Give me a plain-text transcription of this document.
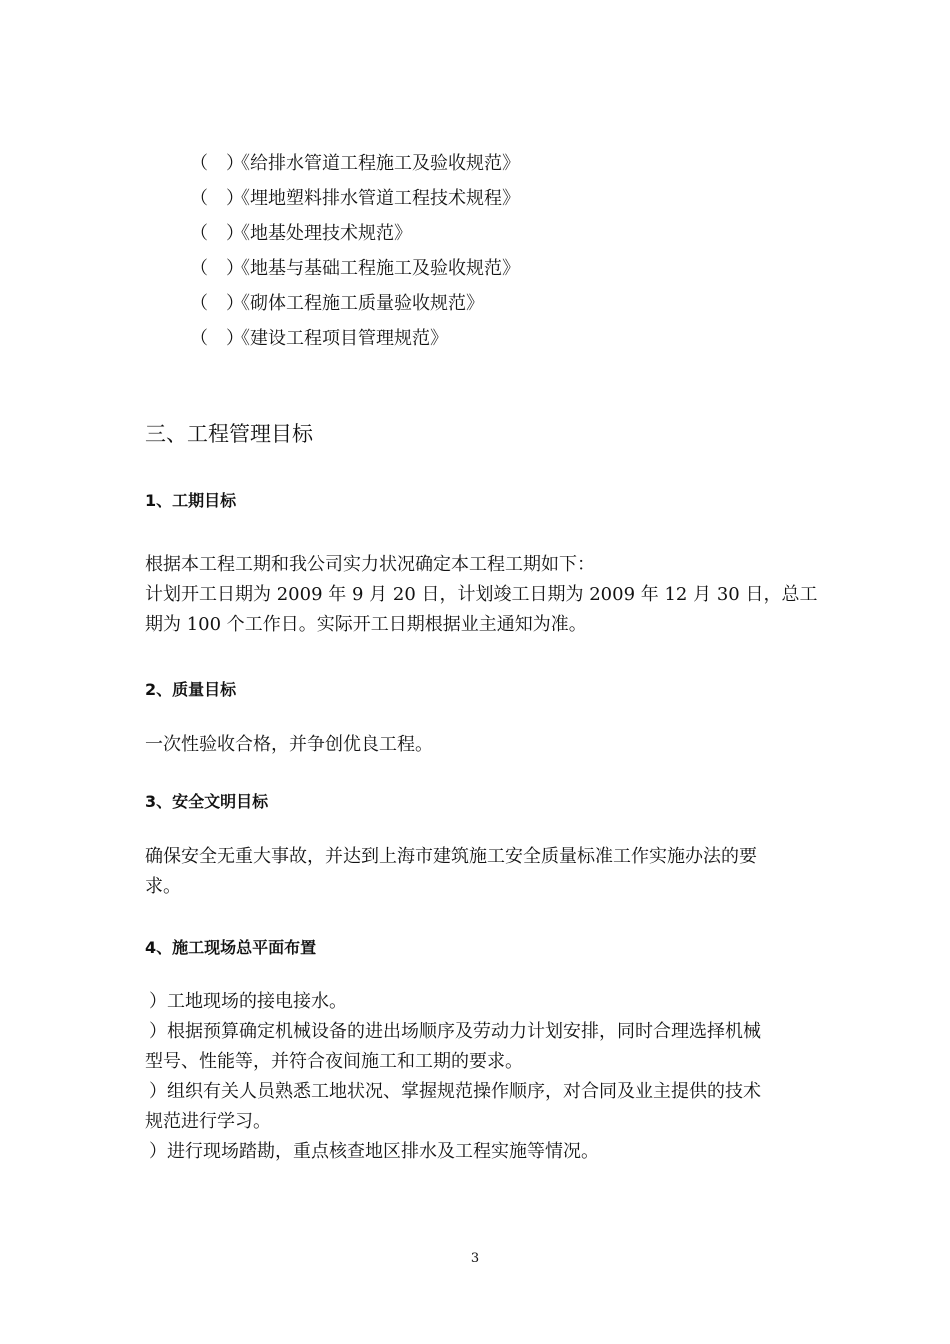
（　）《给排水管道工程施工及验收规范》
（　）《埋地塑料排水管道工程技术规程》
（　）《地基处理技术规范》
（　）《地基与基础工程施工及验收规范》
（　）《砌体工程施工质量验收规范》
（　）《建设工程项目管理规范》
三、工程管理目标
1、工期目标
根据本工程工期和我公司实力状况确定本工程工期如下：
计划开工日期为 2009 年 9 月 20 日，计划竣工日期为 2009 年 12 月 30 日，总工
期为 100 个工作日。实际开工日期根据业主通知为准。
2、质量目标
一次性验收合格，并争创优良工程。
3、安全文明目标
确保安全无重大事故，并达到上海市建筑施工安全质量标准工作实施办法的要
求。
4、施工现场总平面布置
）工地现场的接电接水。
）根据预算确定机械设备的进出场顺序及劳动力计划安排，同时合理选择机械
型号、性能等，并符合夜间施工和工期的要求。
）组织有关人员熟悉工地状况、掌握规范操作顺序，对合同及业主提供的技术
规范进行学习。
）进行现场踏勘，重点核查地区排水及工程实施等情况。
3
